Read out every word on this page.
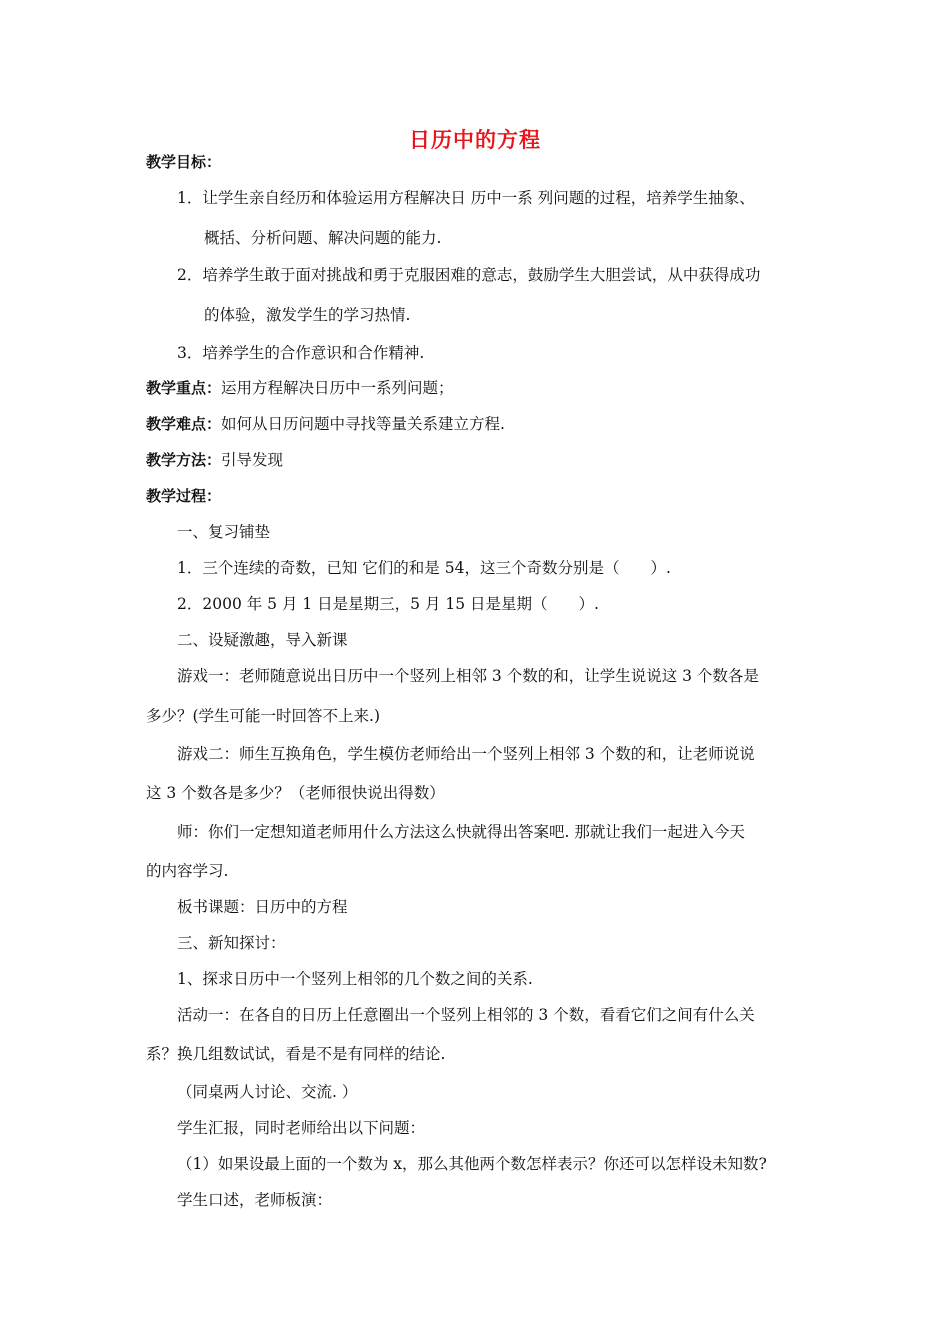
日历中的方程
教学目标：
1．让学生亲自经历和体验运用方程解决日 历中一系 列问题的过程，培养学生抽象、
概括、分析问题、解决问题的能力.
2．培养学生敢于面对挑战和勇于克服困难的意志，鼓励学生大胆尝试，从中获得成功
的体验，激发学生的学习热情.
3．培养学生的合作意识和合作精神.
教学重点：运用方程解决日历中一系列问题；
教学难点：如何从日历问题中寻找等量关系建立方程.
教学方法：引导发现
教学过程：
一、复习铺垫
1．三个连续的奇数，已知 它们的和是 54，这三个奇数分别是（　　）.
2．2000 年 5 月 1 日是星期三，5 月 15 日是星期（　　）.
二、设疑激趣，导入新课
游戏一：老师随意说出日历中一个竖列上相邻 3 个数的和，让学生说说这 3 个数各是
多少？(学生可能一时回答不上来.)
游戏二：师生互换角色，学生模仿老师给出一个竖列上相邻 3 个数的和，让老师说说
这 3 个数各是多少？（老师很快说出得数）
师：你们一定想知道老师用什么方法这么快就得出答案吧. 那就让我们一起进入今天
的内容学习.
板书课题：日历中的方程
三、新知探讨：
1、探求日历中一个竖列上相邻的几个数之间的关系.
活动一：在各自的日历上任意圈出一个竖列上相邻的 3 个数，看看它们之间有什么关
系？换几组数试试，看是不是有同样的结论.
（同桌两人讨论、交流. ）
学生汇报，同时老师给出以下问题：
（1）如果设最上面的一个数为 x，那么其他两个数怎样表示？你还可以怎样设未知数?
学生口述，老师板演：
